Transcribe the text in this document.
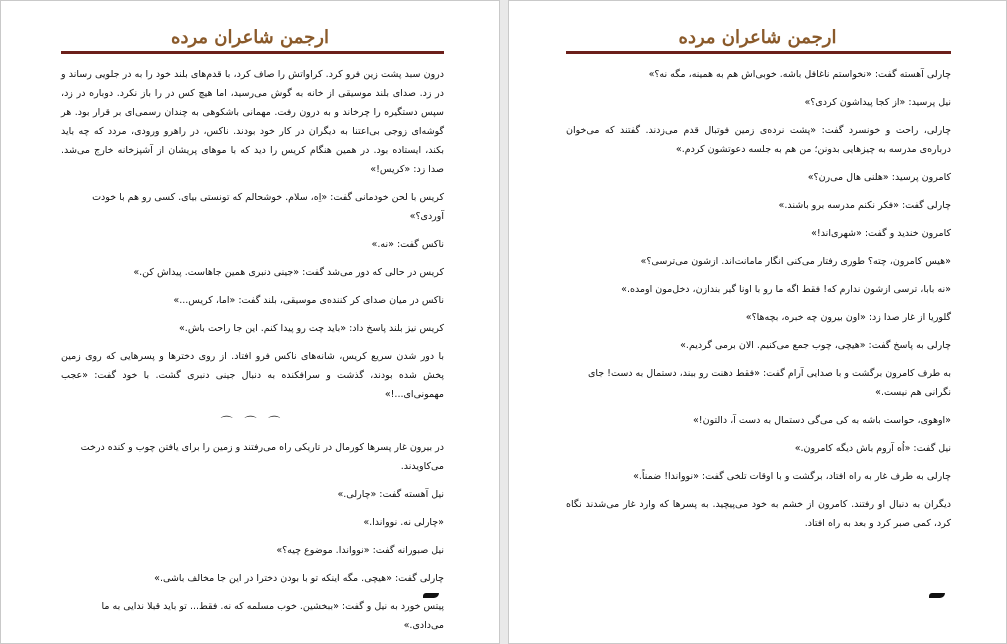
ارجمن شاعران مرده

درون سبد پشت زین فرو کرد. کراواتش را صاف کرد، با قدم‌های بلند خود را به در جلویی رساند و در زد. صدای بلند موسیقی از خانه به گوش می‌رسید، اما هیچ کس در را باز نکرد. دوباره در زد، سپس دستگیره را چرخاند و به درون رفت. مهمانی باشکوهی به چندان رسمی‌ای بر قرار بود. هر گوشه‌ای زوجی بی‌اعتنا به دیگران در کار خود بودند. ناکس، در راهرو ورودی، مردد که چه باید بکند، ایستاده بود. در همین هنگام کریس را دید که با موهای پریشان از آشپزخانه خارج می‌شد. صدا زد: «کریس!»

کریس با لحن خودمانی گفت: «اِه، سلام. خوشحالم که تونستی بیای. کسی رو هم با خودت آوردی؟»

ناکس گفت: «نه.»

کریس در حالی که دور می‌شد گفت: «جینی دنبری همین جاهاست. پیداش کن.»

ناکس در میان صدای کر کننده‌ی موسیقی، بلند گفت: «اما، کریس...»

کریس نیز بلند پاسخ داد: «باید چت رو پیدا کنم. این جا راحت باش.»

با دور شدن سریع کریس، شانه‌های ناکس فرو افتاد. از روی دخترها و پسرهایی که روی زمین پخش شده بودند، گذشت و سرافکنده به دنبال جینی دنبری گشت. با خود گفت: «عجب مهمونی‌ای...!»

⌒ ⌒ ⌒

در بیرون غار پسرها کورمال در تاریکی راه می‌رفتند و زمین را برای یافتن چوب و کنده درخت می‌کاویدند.

نیل آهسته گفت: «چارلی.»

«چارلی نه. نوواندا.»

نیل صبورانه گفت: «نوواندا. موضوع چیه؟»

چارلی گفت: «هیچی. مگه اینکه تو با بودن دخترا در این جا مخالف باشی.»

پیتس خورد به نیل و گفت: «ببخشین. خوب مسلمه که نه. فقط... تو باید قبلا ندایی به ما می‌دادی.»

ارجمن شاعران مرده

چارلی آهسته گفت: «نخواستم ناغافل باشه. خوبی‌اش هم به همینه، مگه نه؟»

نیل پرسید: «از کجا پیداشون کردی؟»

چارلی، راحت و خونسرد گفت: «پشت نرده‌ی زمین فوتبال قدم می‌زدند. گفتند که می‌خوان درباره‌ی مدرسه به چیزهایی بدونن؛ من هم به جلسه دعوتشون کردم.»

کامرون پرسید: «هلنی هال می‌رن؟»

چارلی گفت: «فکر نکنم مدرسه برو باشند.»

کامرون خندید و گفت: «شهری‌اند!»

«هیس کامرون، چته؟ طوری رفتار می‌کنی انگار مامانت‌اند. ازشون می‌ترسی؟»

«نه بابا، ترسی ازشون ندارم که! فقط اگه ما رو با اونا گیر بندازن، دخل‌مون اومده.»

گلوریا از غار صدا زد: «اون بیرون چه خبره، بچه‌ها؟»

چارلی به پاسخ گفت: «هیچی، چوب جمع می‌کنیم. الان برمی گردیم.»

به طرف کامرون برگشت و با صدایی آرام گفت: «فقط دهنت رو ببند، دستمال به دست! جای نگرانی هم نیست.»

«اوهوی، حواست باشه به کی می‌گی دستمال به دست آ، دالتون!»

نیل گفت: «اُه آروم باش دیگه کامرون.»

چارلی به طرف غار به راه افتاد، برگشت و با اوقات تلخی گفت: «نوواندا! ضمناً.»

دیگران به دنبال او رفتند. کامرون از خشم به خود می‌پیچید. به پسرها که وارد غار می‌شدند نگاه کرد، کمی صبر کرد و بعد به راه افتاد.
